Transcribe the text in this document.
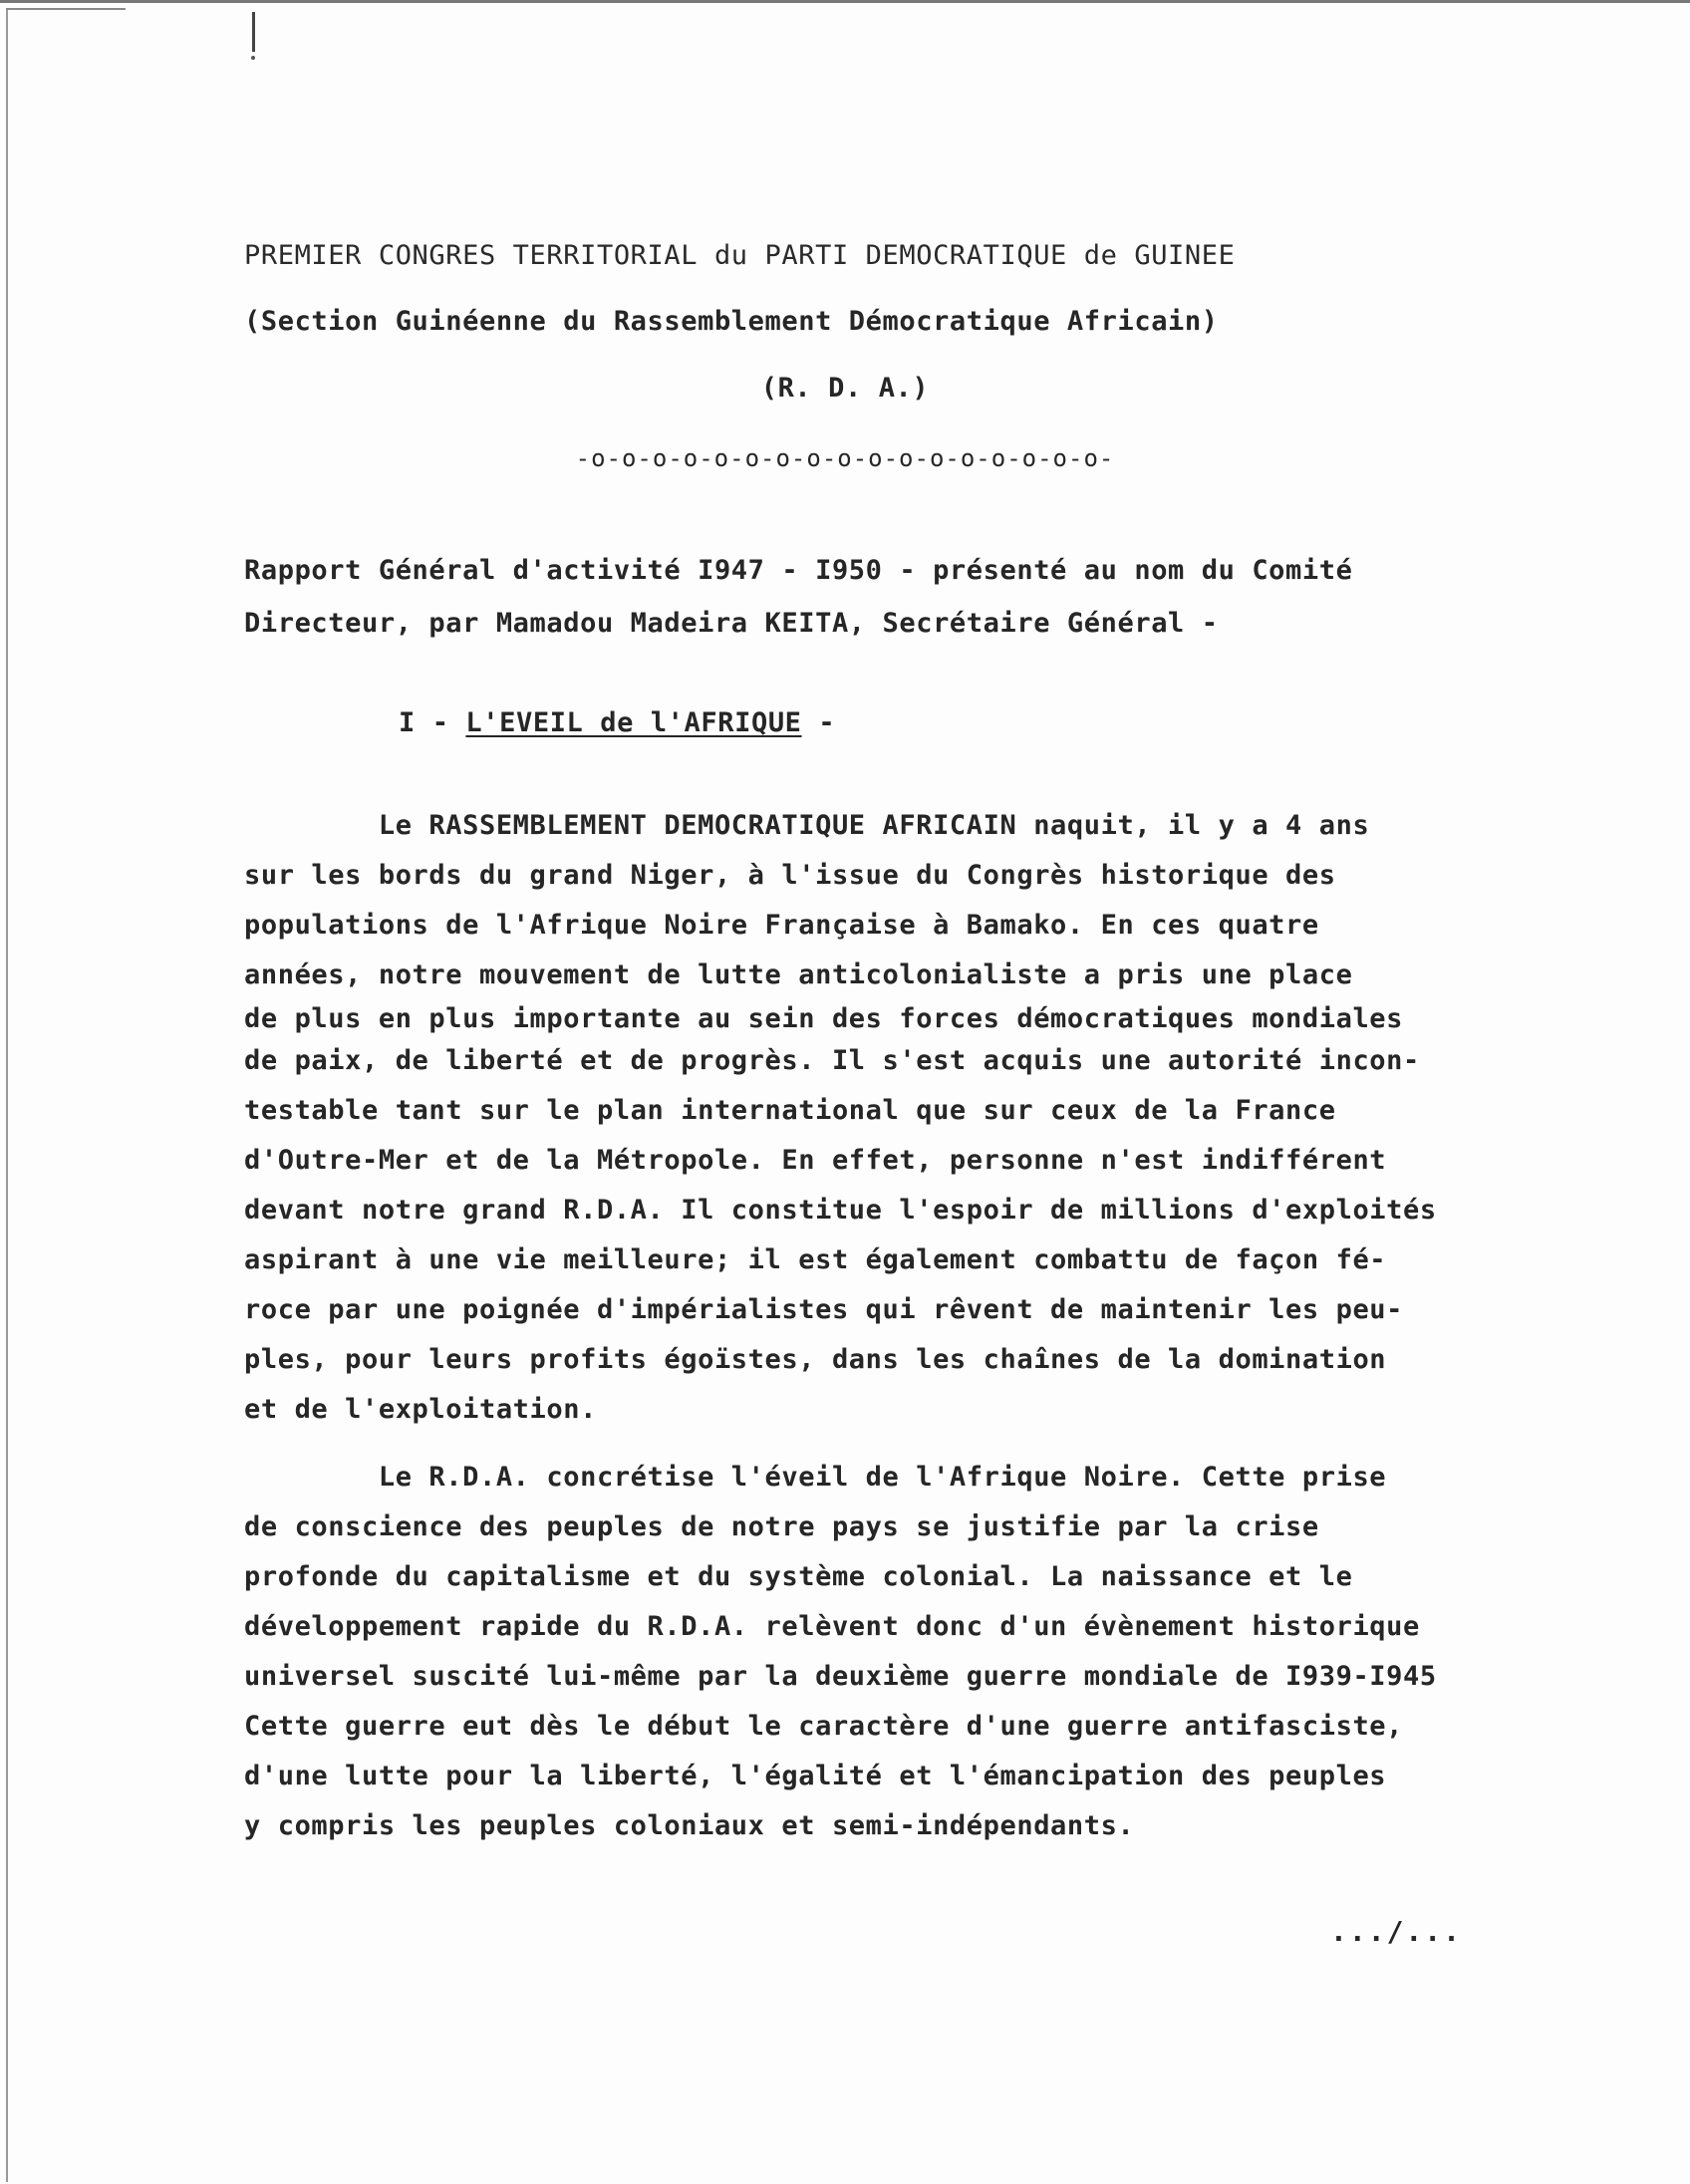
PREMIER CONGRES TERRITORIAL du PARTI DEMOCRATIQUE de GUINEE
(Section Guinéenne du Rassemblement Démocratique Africain)
(R. D. A.)
-o-o-o-o-o-o-o-o-o-o-o-o-o-o-o-o-o-
Rapport Général d'activité I947 - I950 - présenté au nom du Comité
Directeur, par Mamadou Madeira KEITA, Secrétaire Général -
I - L'EVEIL de l'AFRIQUE -
Le RASSEMBLEMENT DEMOCRATIQUE AFRICAIN naquit, il y a 4 ans
sur les bords du grand Niger, à l'issue du Congrès historique des
populations de l'Afrique Noire Française à Bamako. En ces quatre
années, notre mouvement de lutte anticolonialiste a pris une place
de plus en plus importante au sein des forces démocratiques mondiales
de paix, de liberté et de progrès. Il s'est acquis une autorité incon-
testable tant sur le plan international que sur ceux de la France
d'Outre-Mer et de la Métropole. En effet, personne n'est indifférent
devant notre grand R.D.A. Il constitue l'espoir de millions d'exploités
aspirant à une vie meilleure; il est également combattu de façon fé-
roce par une poignée d'impérialistes qui rêvent de maintenir les peu-
ples, pour leurs profits égoïstes, dans les chaînes de la domination
et de l'exploitation.
Le R.D.A. concrétise l'éveil de l'Afrique Noire. Cette prise
de conscience des peuples de notre pays se justifie par la crise
profonde du capitalisme et du système colonial. La naissance et le
développement rapide du R.D.A. relèvent donc d'un évènement historique
universel suscité lui-même par la deuxième guerre mondiale de I939-I945
Cette guerre eut dès le début le caractère d'une guerre antifasciste,
d'une lutte pour la liberté, l'égalité et l'émancipation des peuples
y compris les peuples coloniaux et semi-indépendants.
.../...
